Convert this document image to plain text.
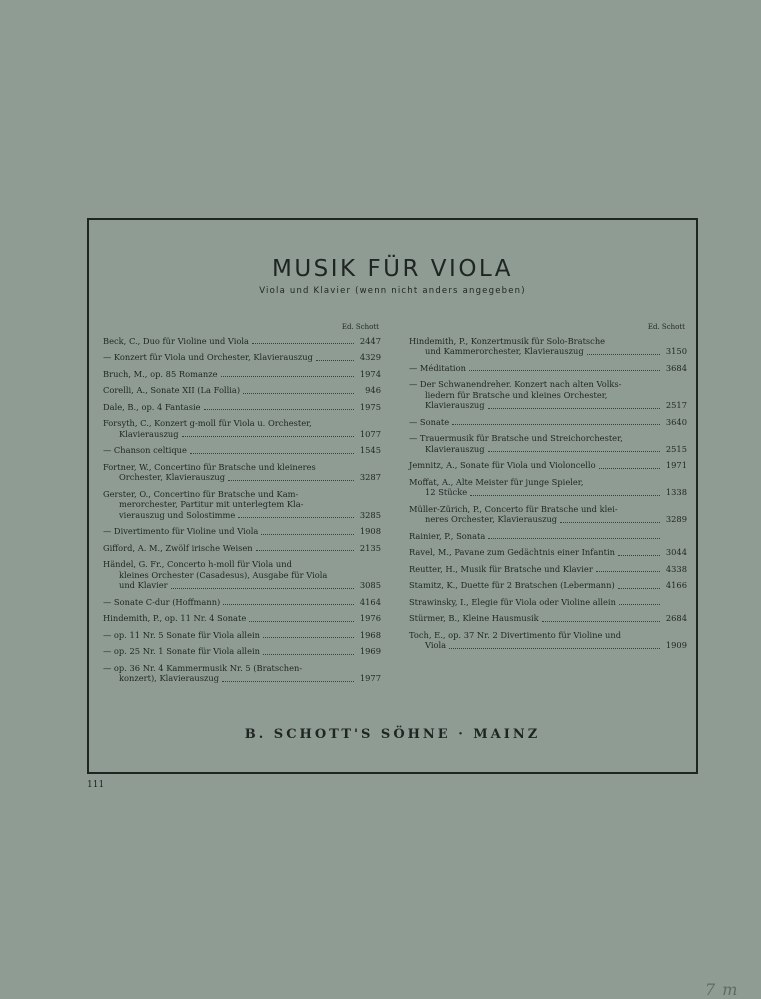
MUSIK FÜR VIOLA
Viola und Klavier (wenn nicht anders angegeben)
Ed. Schott
Beck, C., Duo für Violine und Viola	2447
— Konzert für Viola und Orchester, Klavierauszug	4329
Bruch, M., op. 85 Romanze	1974
Corelli, A., Sonate XII (La Follia)	946
Dale, B., op. 4 Fantasie	1975
Forsyth, C., Konzert g-moll für Viola u. Orchester,
Klavierauszug	1077
— Chanson celtique	1545
Fortner, W., Concertino für Bratsche und kleineres
Orchester, Klavierauszug	3287
Gerster, O., Concertino für Bratsche und Kam-
merorchester, Partitur mit unterlegtem Kla-
vierauszug und Solostimme	3285
— Divertimento für Violine und Viola	1908
Gifford, A. M., Zwölf irische Weisen	2135
Händel, G. Fr., Concerto h-moll für Viola und
kleines Orchester (Casadesus), Ausgabe für Viola
und Klavier	3085
— Sonate C-dur (Hoffmann)	4164
Hindemith, P., op. 11 Nr. 4 Sonate	1976
— op. 11 Nr. 5 Sonate für Viola allein	1968
— op. 25 Nr. 1 Sonate für Viola allein	1969
— op. 36 Nr. 4 Kammermusik Nr. 5 (Bratschen-
konzert), Klavierauszug	1977
Ed. Schott
Hindemith, P., Konzertmusik für Solo-Bratsche
und Kammerorchester, Klavierauszug	3150
— Méditation	3684
— Der Schwanendreher. Konzert nach alten Volks-
liedern für Bratsche und kleines Orchester,
Klavierauszug	2517
— Sonate	3640
— Trauermusik für Bratsche und Streichorchester,
Klavierauszug	2515
Jemnitz, A., Sonate für Viola und Violoncello	1971
Moffat, A., Alte Meister für junge Spieler,
12 Stücke	1338
Müller-Zürich, P., Concerto für Bratsche und klei-
neres Orchester, Klavierauszug	3289
Rainier, P., Sonata
Ravel, M., Pavane zum Gedächtnis einer Infantin	3044
Reutter, H., Musik für Bratsche und Klavier	4338
Stamitz, K., Duette für 2 Bratschen (Lebermann)	4166
Strawinsky, I., Elegie für Viola oder Violine allein
Stürmer, B., Kleine Hausmusik	2684
Toch, E., op. 37 Nr. 2 Divertimento für Violine und
Viola	1909
B. SCHOTT'S SÖHNE · MAINZ
111
7 m
